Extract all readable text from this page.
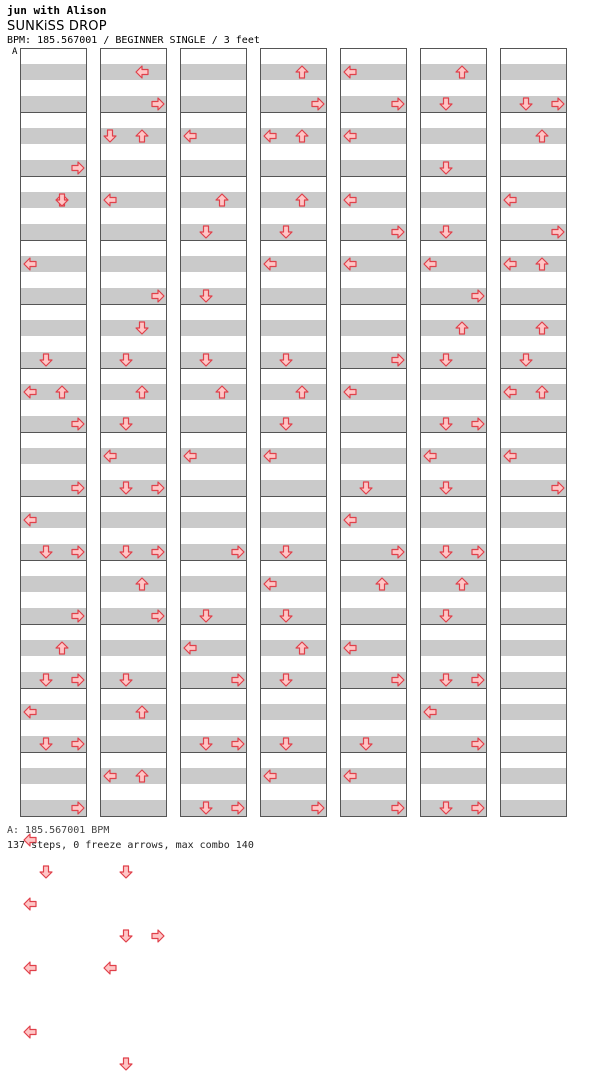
jun with Alison
SUNKiSS DROP
BPM: 185.567001 / BEGINNER SINGLE / 3 feet
A
A: 185.567001 BPM
137 steps, 0 freeze arrows, max combo 140
